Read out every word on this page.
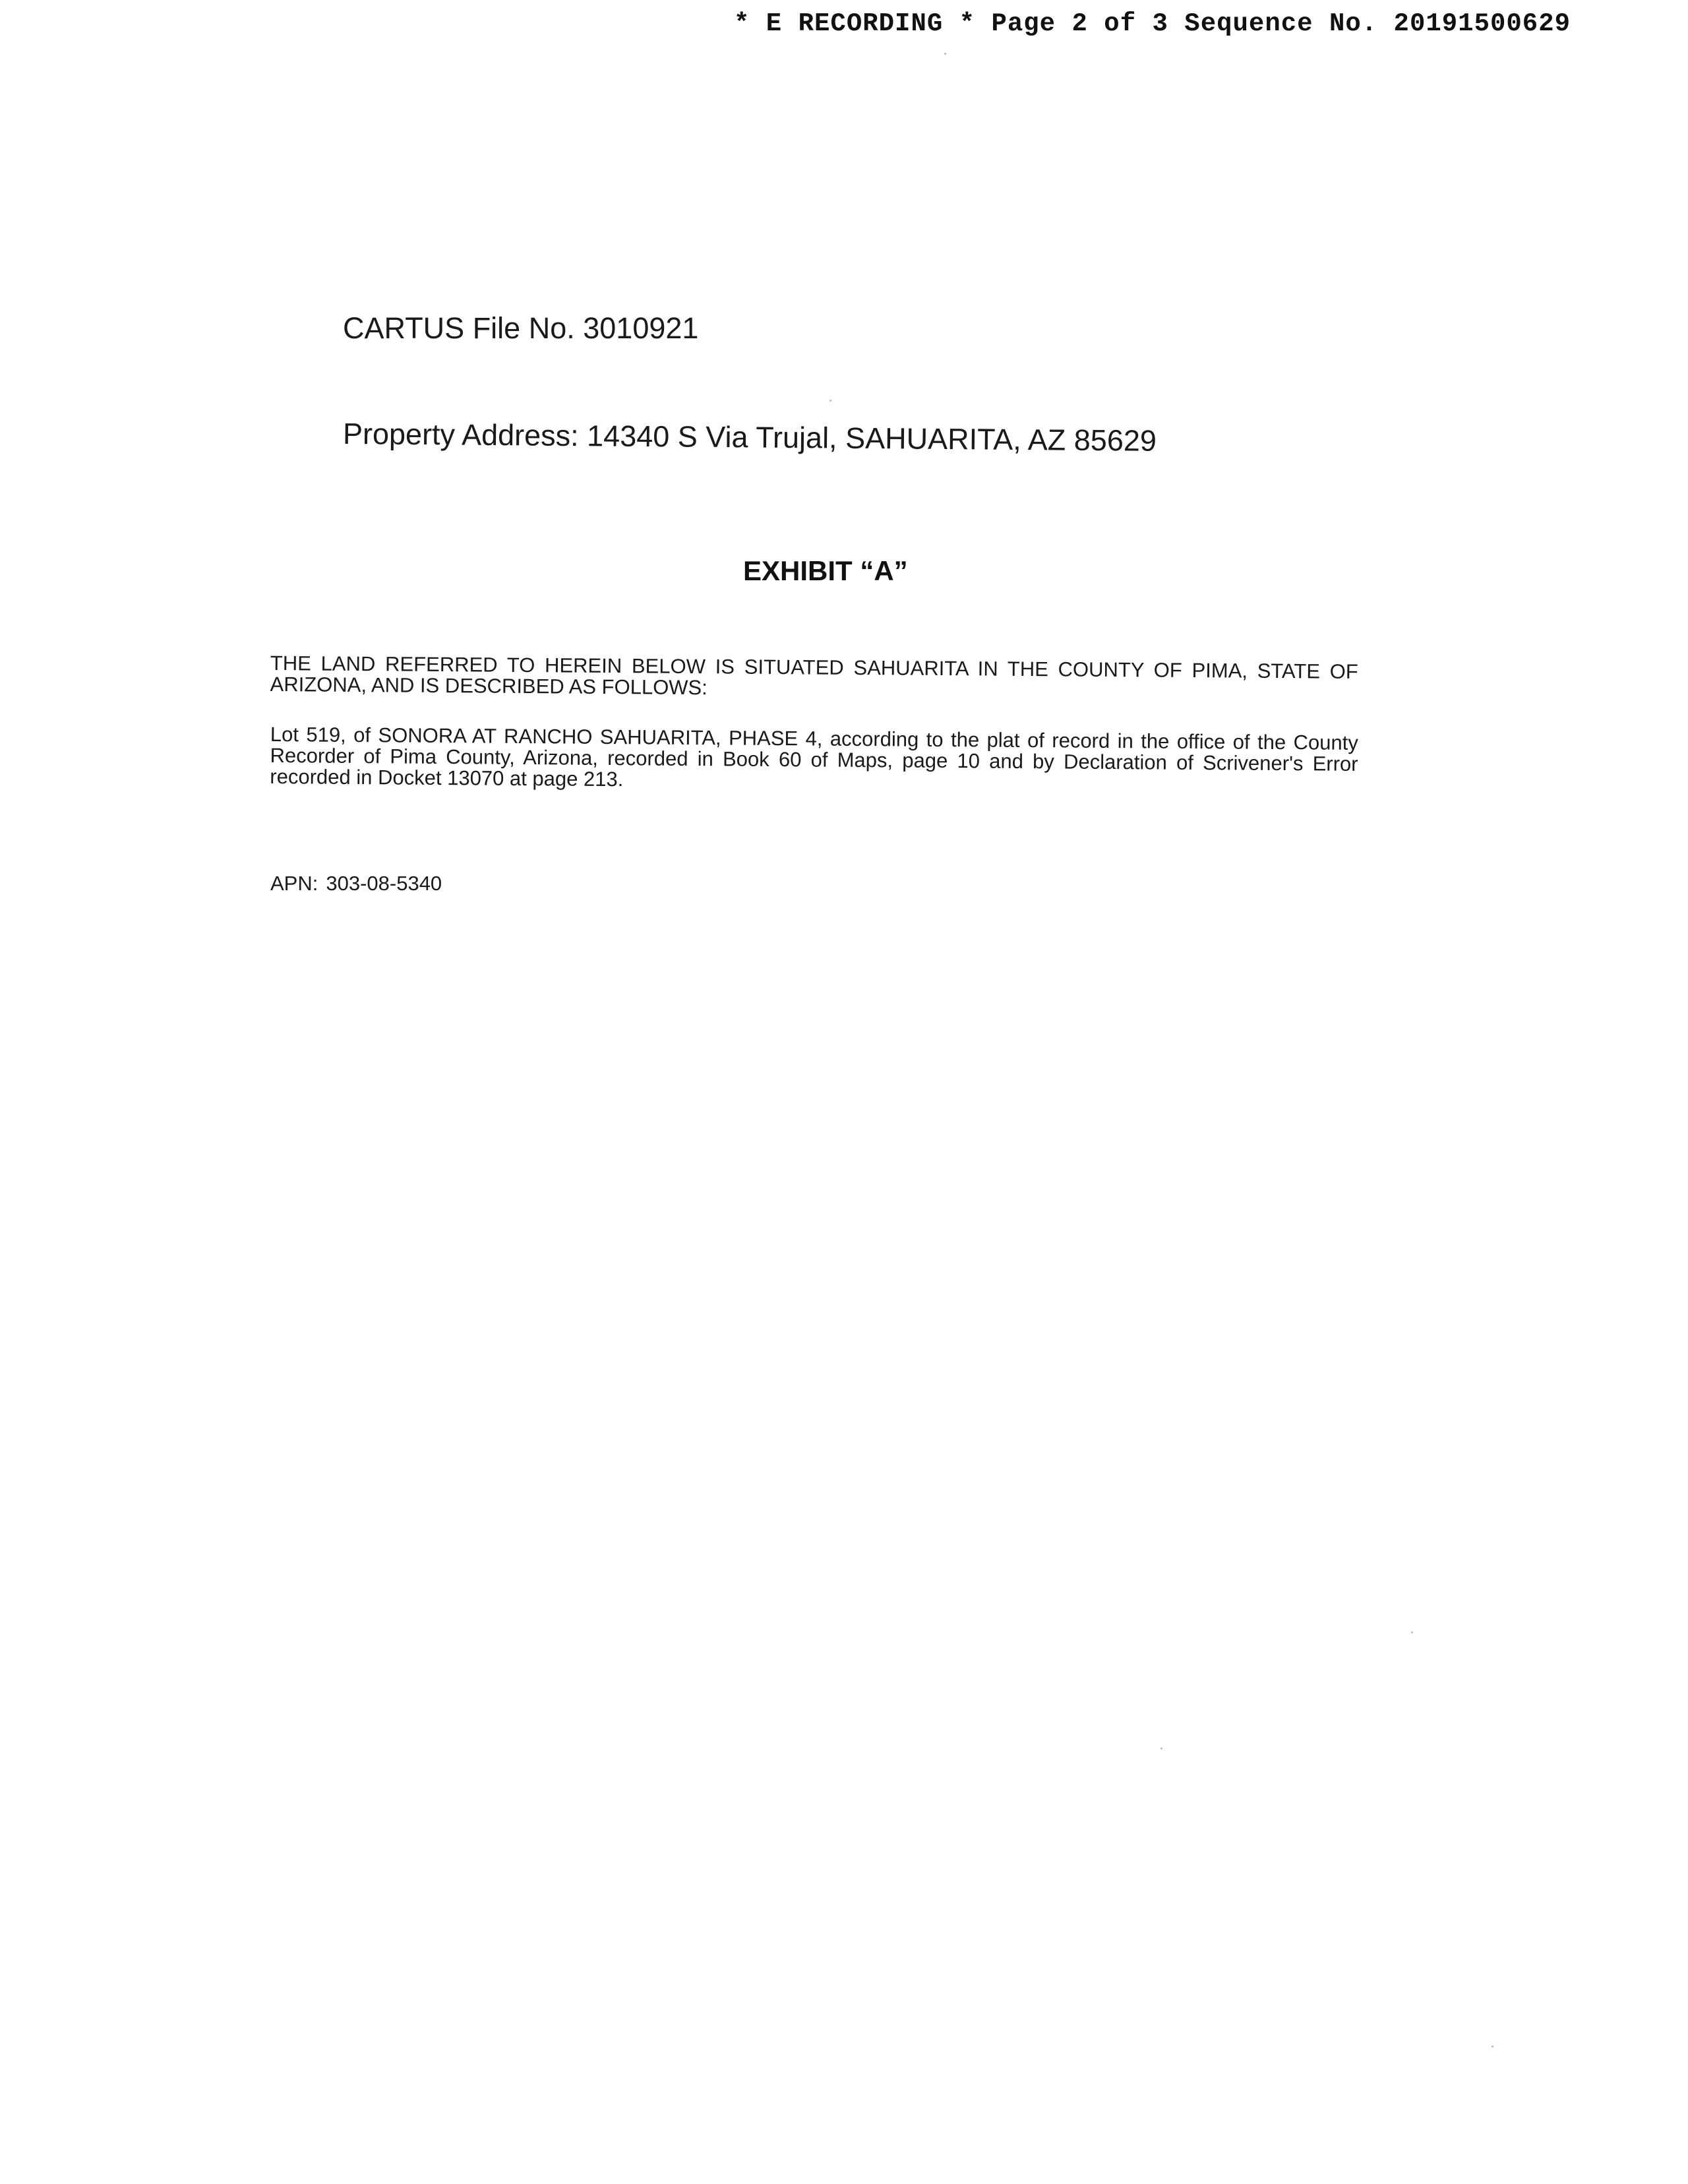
* E RECORDING * Page 2 of 3 Sequence No. 20191500629
CARTUS File No. 3010921
Property Address: 14340 S Via Trujal, SAHUARITA, AZ 85629
EXHIBIT “A”
THE LAND REFERRED TO HEREIN BELOW IS SITUATED SAHUARITA IN THE COUNTY OF PIMA, STATE OF ARIZONA, AND IS DESCRIBED AS FOLLOWS:
Lot 519, of SONORA AT RANCHO SAHUARITA, PHASE 4, according to the plat of record in the office of the County Recorder of Pima County, Arizona, recorded in Book 60 of Maps, page 10 and by Declaration of Scrivener's Error recorded in Docket 13070 at page 213.
APN: 303-08-5340
